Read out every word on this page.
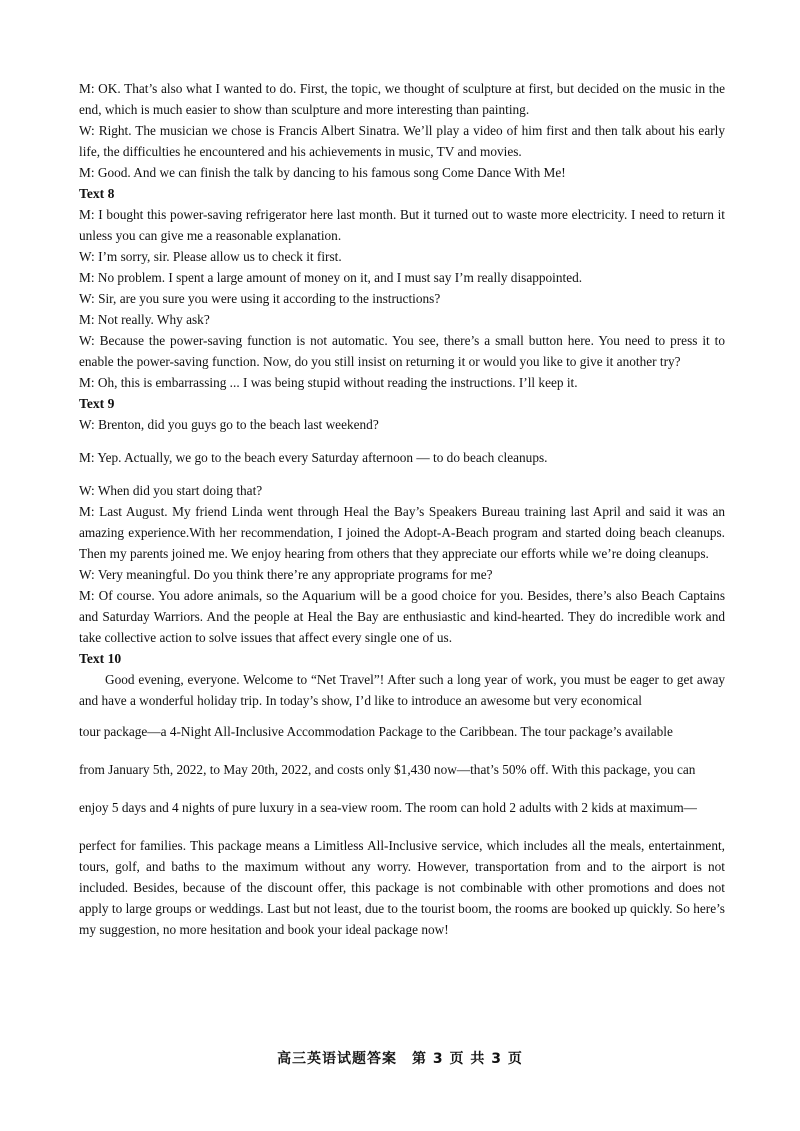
M: OK. That’s also what I wanted to do. First, the topic, we thought of sculpture at first, but decided on the music in the end, which is much easier to show than sculpture and more interesting than painting.

W: Right. The musician we chose is Francis Albert Sinatra. We’ll play a video of him first and then talk about his early life, the difficulties he encountered and his achievements in music, TV and movies.

M: Good. And we can finish the talk by dancing to his famous song Come Dance With Me!

Text 8

M: I bought this power-saving refrigerator here last month. But it turned out to waste more electricity. I need to return it unless you can give me a reasonable explanation.

W: I’m sorry, sir. Please allow us to check it first.

M: No problem. I spent a large amount of money on it, and I must say I’m really disappointed.

W: Sir, are you sure you were using it according to the instructions?

M: Not really. Why ask?

W: Because the power-saving function is not automatic. You see, there’s a small button here. You need to press it to enable the power-saving function. Now, do you still insist on returning it or would you like to give it another try?

M: Oh, this is embarrassing ... I was being stupid without reading the instructions. I’ll keep it.

Text 9

W: Brenton, did you guys go to the beach last weekend?

M: Yep. Actually, we go to the beach every Saturday afternoon — to do beach cleanups.

W: When did you start doing that?

M: Last August. My friend Linda went through Heal the Bay’s Speakers Bureau training last April and said it was an amazing experience.With her recommendation, I joined the Adopt-A-Beach program and started doing beach cleanups. Then my parents joined me. We enjoy hearing from others that they appreciate our efforts while we’re doing cleanups.

W: Very meaningful. Do you think there’re any appropriate programs for me?

M: Of course. You adore animals, so the Aquarium will be a good choice for you. Besides, there’s also Beach Captains and Saturday Warriors. And the people at Heal the Bay are enthusiastic and kind-hearted. They do incredible work and take collective action to solve issues that affect every single one of us.

Text 10

Good evening, everyone. Welcome to “Net Travel”! After such a long year of work, you must be eager to get away and have a wonderful holiday trip. In today’s show, I’d like to introduce an awesome but very economical

tour package—a 4-Night All-Inclusive Accommodation Package to the Caribbean. The tour package’s available

from January 5th, 2022, to May 20th, 2022, and costs only $1,430 now—that’s 50% off. With this package, you can

enjoy 5 days and 4 nights of pure luxury in a sea-view room. The room can hold 2 adults with 2 kids at maximum—

perfect for families. This package means a Limitless All-Inclusive service, which includes all the meals, entertainment, tours, golf, and baths to the maximum without any worry. However, transportation from and to the airport is not included. Besides, because of the discount offer, this package is not combinable with other promotions and does not apply to large groups or weddings. Last but not least, due to the tourist boom, the rooms are booked up quickly. So here’s my suggestion, no more hesitation and book your ideal package now!

高三英语试题答案　第 3 页 共 3 页
